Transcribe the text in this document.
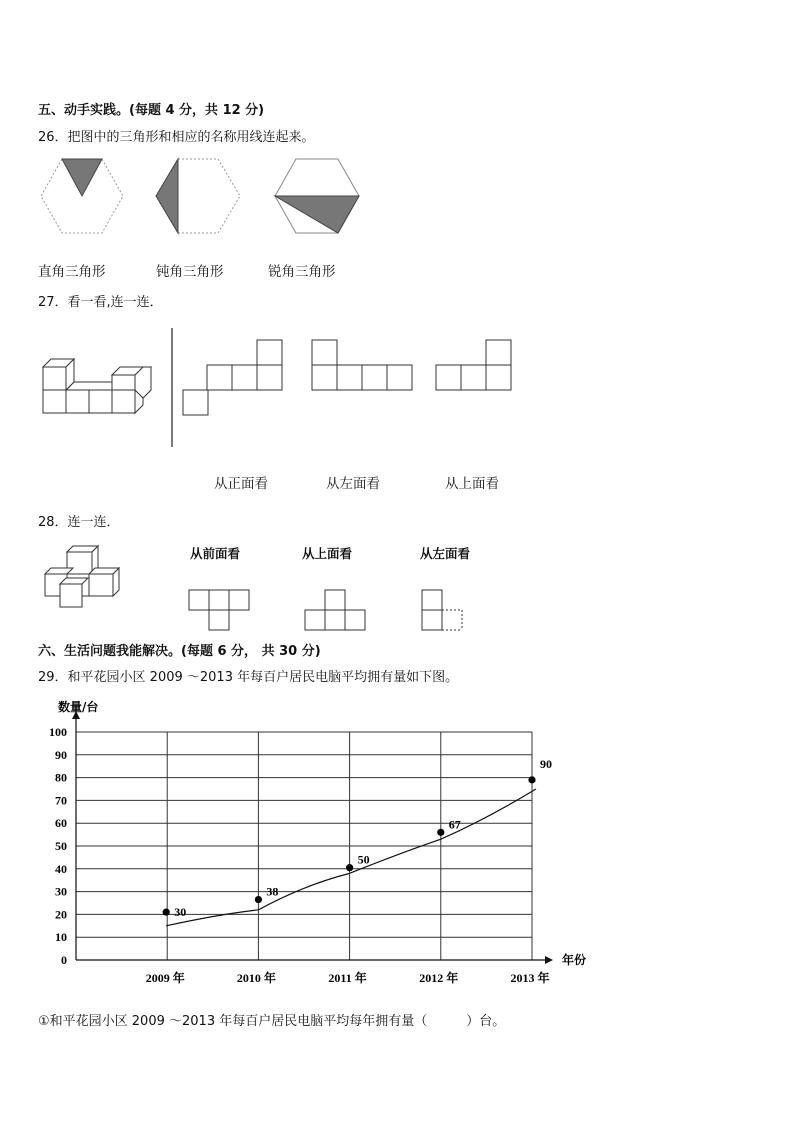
五、动手实践。(每题 4 分，共 12 分)
26．把图中的三角形和相应的名称用线连起来。
直角三角形	钝角三角形	锐角三角形
27．看一看,连一连．
从正面看	从左面看	从上面看
28．连一连．
从前面看	从上面看	从左面看
六、生活问题我能解决。(每题 6 分， 共 30 分)
29．和平花园小区 2009 ～2013 年每百户居民电脑平均拥有量如下图。
0
10
20
30
40
50
60
70
80
90
100
数量/台
年份
2009 年	2010 年	2011 年	2012 年	2013 年
30
38
50
67
90
①和平花园小区 2009 ～2013 年每百户居民电脑平均每年拥有量（　　　）台。
